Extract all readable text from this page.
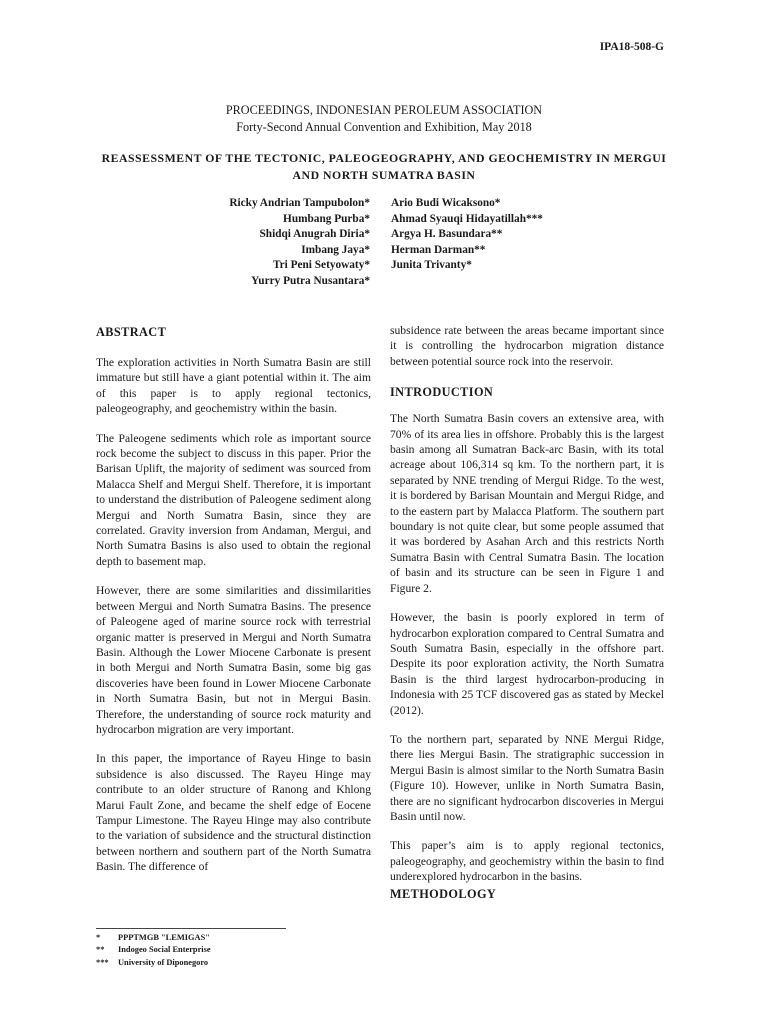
IPA18-508-G
PROCEEDINGS, INDONESIAN PEROLEUM ASSOCIATION
Forty-Second Annual Convention and Exhibition, May 2018
REASSESSMENT OF THE TECTONIC, PALEOGEOGRAPHY, AND GEOCHEMISTRY IN MERGUI AND NORTH SUMATRA BASIN
Ricky Andrian Tampubolon*
Humbang Purba*
Shidqi Anugrah Diria*
Imbang Jaya*
Tri Peni Setyowaty*
Yurry Putra Nusantara*
Ario Budi Wicaksono*
Ahmad Syauqi Hidayatillah***
Argya H. Basundara**
Herman Darman**
Junita Trivanty*
ABSTRACT

The exploration activities in North Sumatra Basin are still immature but still have a giant potential within it. The aim of this paper is to apply regional tectonics, paleogeography, and geochemistry within the basin.

The Paleogene sediments which role as important source rock become the subject to discuss in this paper. Prior the Barisan Uplift, the majority of sediment was sourced from Malacca Shelf and Mergui Shelf. Therefore, it is important to understand the distribution of Paleogene sediment along Mergui and North Sumatra Basin, since they are correlated. Gravity inversion from Andaman, Mergui, and North Sumatra Basins is also used to obtain the regional depth to basement map.

However, there are some similarities and dissimilarities between Mergui and North Sumatra Basins. The presence of Paleogene aged of marine source rock with terrestrial organic matter is preserved in Mergui and North Sumatra Basin. Although the Lower Miocene Carbonate is present in both Mergui and North Sumatra Basin, some big gas discoveries have been found in Lower Miocene Carbonate in North Sumatra Basin, but not in Mergui Basin. Therefore, the understanding of source rock maturity and hydrocarbon migration are very important.

In this paper, the importance of Rayeu Hinge to basin subsidence is also discussed. The Rayeu Hinge may contribute to an older structure of Ranong and Khlong Marui Fault Zone, and became the shelf edge of Eocene Tampur Limestone. The Rayeu Hinge may also contribute to the variation of subsidence and the structural distinction between northern and southern part of the North Sumatra Basin. The difference of

subsidence rate between the areas became important since it is controlling the hydrocarbon migration distance between potential source rock into the reservoir.

INTRODUCTION

The North Sumatra Basin covers an extensive area, with 70% of its area lies in offshore. Probably this is the largest basin among all Sumatran Back-arc Basin, with its total acreage about 106,314 sq km. To the northern part, it is separated by NNE trending of Mergui Ridge. To the west, it is bordered by Barisan Mountain and Mergui Ridge, and to the eastern part by Malacca Platform. The southern part boundary is not quite clear, but some people assumed that it was bordered by Asahan Arch and this restricts North Sumatra Basin with Central Sumatra Basin. The location of basin and its structure can be seen in Figure 1 and Figure 2.

However, the basin is poorly explored in term of hydrocarbon exploration compared to Central Sumatra and South Sumatra Basin, especially in the offshore part. Despite its poor exploration activity, the North Sumatra Basin is the third largest hydrocarbon-producing in Indonesia with 25 TCF discovered gas as stated by Meckel (2012).

To the northern part, separated by NNE Mergui Ridge, there lies Mergui Basin. The stratigraphic succession in Mergui Basin is almost similar to the North Sumatra Basin (Figure 10). However, unlike in North Sumatra Basin, there are no significant hydrocarbon discoveries in Mergui Basin until now.

This paper’s aim is to apply regional tectonics, paleogeography, and geochemistry within the basin to find underexplored hydrocarbon in the basins.

METHODOLOGY
* PPPTMGB "LEMIGAS"
** Indogeo Social Enterprise
*** University of Diponegoro
